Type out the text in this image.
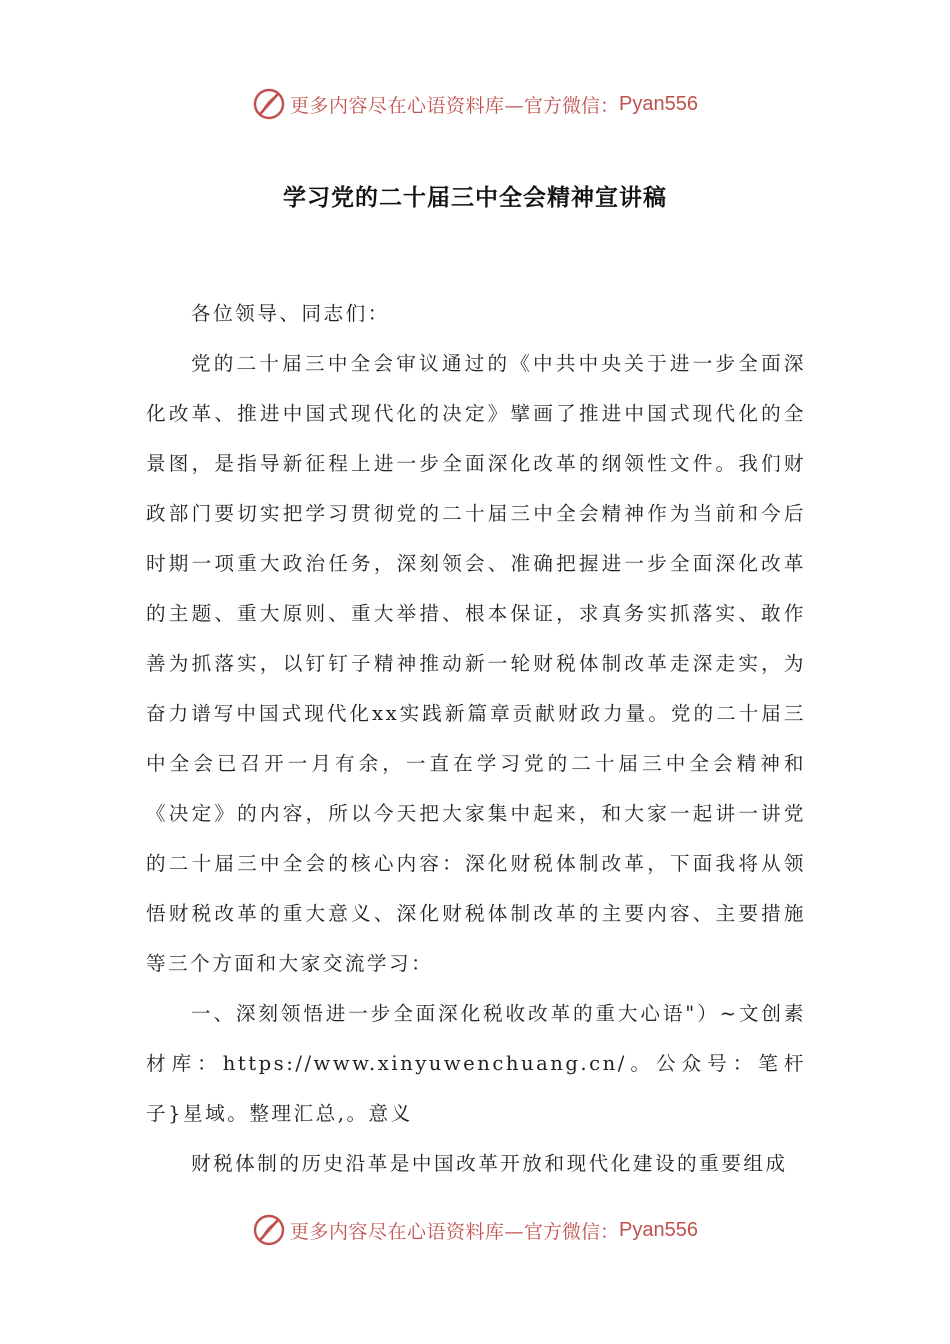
更多内容尽在心语资料库— 官方微信： Pyan556
学习党的二十届三中全会精神宣讲稿

各位领导、同志们：

党的二十届三中全会审议通过的《中共中央关于进一步全面深化改革、推进中国式现代化的决定》擘画了推进中国式现代化的全景图，是指导新征程上进一步全面深化改革的纲领性文件。我们财政部门要切实把学习贯彻党的二十届三中全会精神作为当前和今后时期一项重大政治任务，深刻领会、准确把握进一步全面深化改革的主题、重大原则、重大举措、根本保证，求真务实抓落实、敢作善为抓落实，以钉钉子精神推动新一轮财税体制改革走深走实，为奋力谱写中国式现代化xx实践新篇章贡献财政力量。党的二十届三中全会已召开一月有余，一直在学习党的二十届三中全会精神和《决定》的内容，所以今天把大家集中起来，和大家一起讲一讲党的二十届三中全会的核心内容：深化财税体制改革，下面我将从领悟财税改革的重大意义、深化财税体制改革的主要内容、主要措施等三个方面和大家交流学习：

一、深刻领悟进一步全面深化税收改革的重大心语"）~文创素材库：https://www.xinyuwenchuang.cn/。公众号：笔杆子}星域。整理汇总,。意义

财税体制的历史沿革是中国改革开放和现代化建设的重要组成

更多内容尽在心语资料库— 官方微信： Pyan556
